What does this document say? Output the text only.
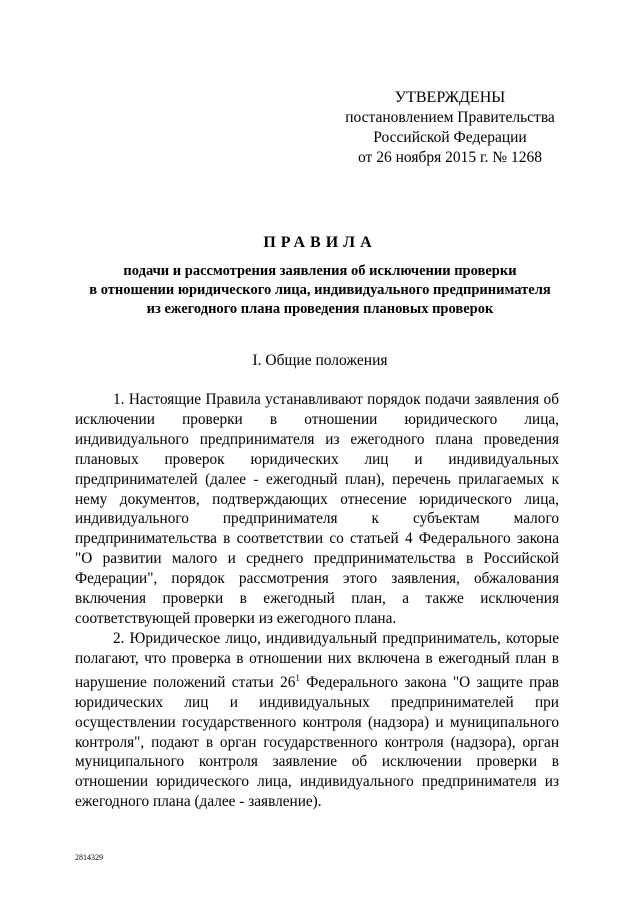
УТВЕРЖДЕНЫ
постановлением Правительства
Российской Федерации
от 26 ноября 2015 г. № 1268
ПРАВИЛА
подачи и рассмотрения заявления об исключении проверки
в отношении юридического лица, индивидуального предпринимателя
из ежегодного плана проведения плановых проверок
I. Общие положения

1. Настоящие Правила устанавливают порядок подачи заявления об исключении проверки в отношении юридического лица, индивидуального предпринимателя из ежегодного плана проведения плановых проверок юридических лиц и индивидуальных предпринимателей (далее - ежегодный план), перечень прилагаемых к нему документов, подтверждающих отнесение юридического лица, индивидуального предпринимателя к субъектам малого предпринимательства в соответствии со статьей 4 Федерального закона "О развитии малого и среднего предпринимательства в Российской Федерации", порядок рассмотрения этого заявления, обжалования включения проверки в ежегодный план, а также исключения соответствующей проверки из ежегодного плана.

2. Юридическое лицо, индивидуальный предприниматель, которые полагают, что проверка в отношении них включена в ежегодный план в нарушение положений статьи $26^1$ Федерального закона "О защите прав юридических лиц и индивидуальных предпринимателей при осуществлении государственного контроля (надзора) и муниципального контроля", подают в орган государственного контроля (надзора), орган муниципального контроля заявление об исключении проверки в отношении юридического лица, индивидуального предпринимателя из ежегодного плана (далее - заявление).

2814329
